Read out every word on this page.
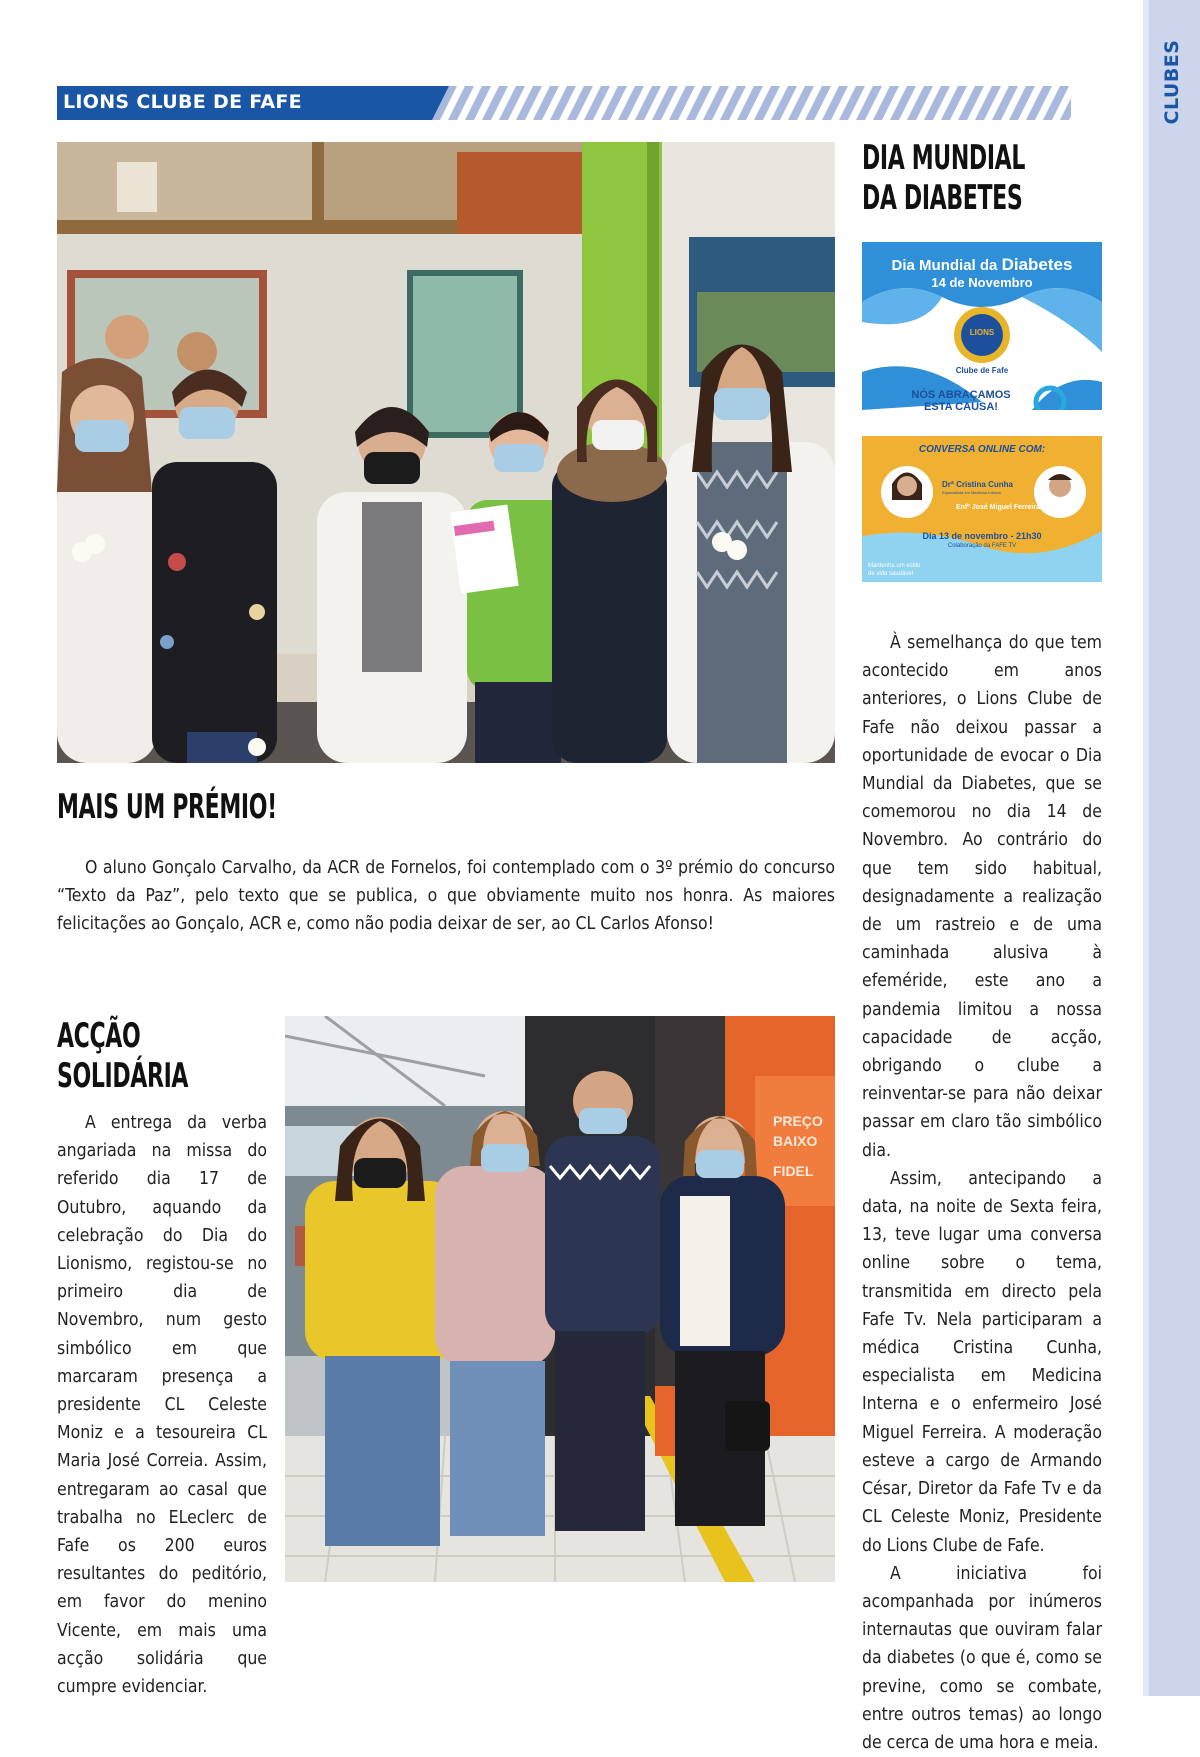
CLUBES
LIONS CLUBE DE FAFE
MAIS UM PRÉMIO!

O aluno Gonçalo Carvalho, da ACR de Fornelos, foi contemplado com o 3º prémio do concurso “Texto da Paz”, pelo texto que se publica, o que obviamente muito nos honra. As maiores felicitações ao Gonçalo, ACR e, como não podia deixar de ser, ao CL Carlos Afonso!

ACÇÃO
SOLIDÁRIA

A entrega da verba angariada na missa do referido dia 17 de Outubro, aquando da celebração do Dia do Lionismo, registou-se no primeiro dia de Novembro, num gesto simbólico em que marcaram presença a presidente CL Celeste Moniz e a tesoureira CL Maria José Correia. Assim, entregaram ao casal que trabalha no ELeclerc de Fafe os 200 euros resultantes do peditório, em favor do menino Vicente, em mais uma acção solidária que cumpre evidenciar.

PREÇO
BAIXO
FIDEL
DIA MUNDIAL
DA DIABETES
Dia Mundial da Diabetes
14 de Novembro
LIONS
Clube de Fafe
NÓS ABRAÇAMOS
ESTA CAUSA!
CONVERSA ONLINE COM:
Drª Cristina Cunha
Especialista em Medicina Interna
Enfº José Miguel Ferreira
Dia 13 de novembro - 21h30
Colaboração da FAFE TV
Mantenha um estilo
de vida saudável

À semelhança do que tem acontecido em anos anteriores, o Lions Clube de Fafe não deixou passar a oportunidade de evocar o Dia Mundial da Diabetes, que se comemorou no dia 14 de Novembro. Ao contrário do que tem sido habitual, designadamente a realização de um rastreio e de uma caminhada alusiva à efeméride, este ano a pandemia limitou a nossa capacidade de acção, obrigando o clube a reinventar-se para não deixar passar em claro tão simbólico dia.

Assim, antecipando a data, na noite de Sexta feira, 13, teve lugar uma conversa online sobre o tema, transmitida em directo pela Fafe Tv. Nela participaram a médica Cristina Cunha, especialista em Medicina Interna e o enfermeiro José Miguel Ferreira. A moderação esteve a cargo de Armando César, Diretor da Fafe Tv e da CL Celeste Moniz, Presidente do Lions Clube de Fafe.

A iniciativa foi acompanhada por inúmeros internautas que ouviram falar da diabetes (o que é, como se previne, como se combate, entre outros temas) ao longo de cerca de uma hora e meia.
